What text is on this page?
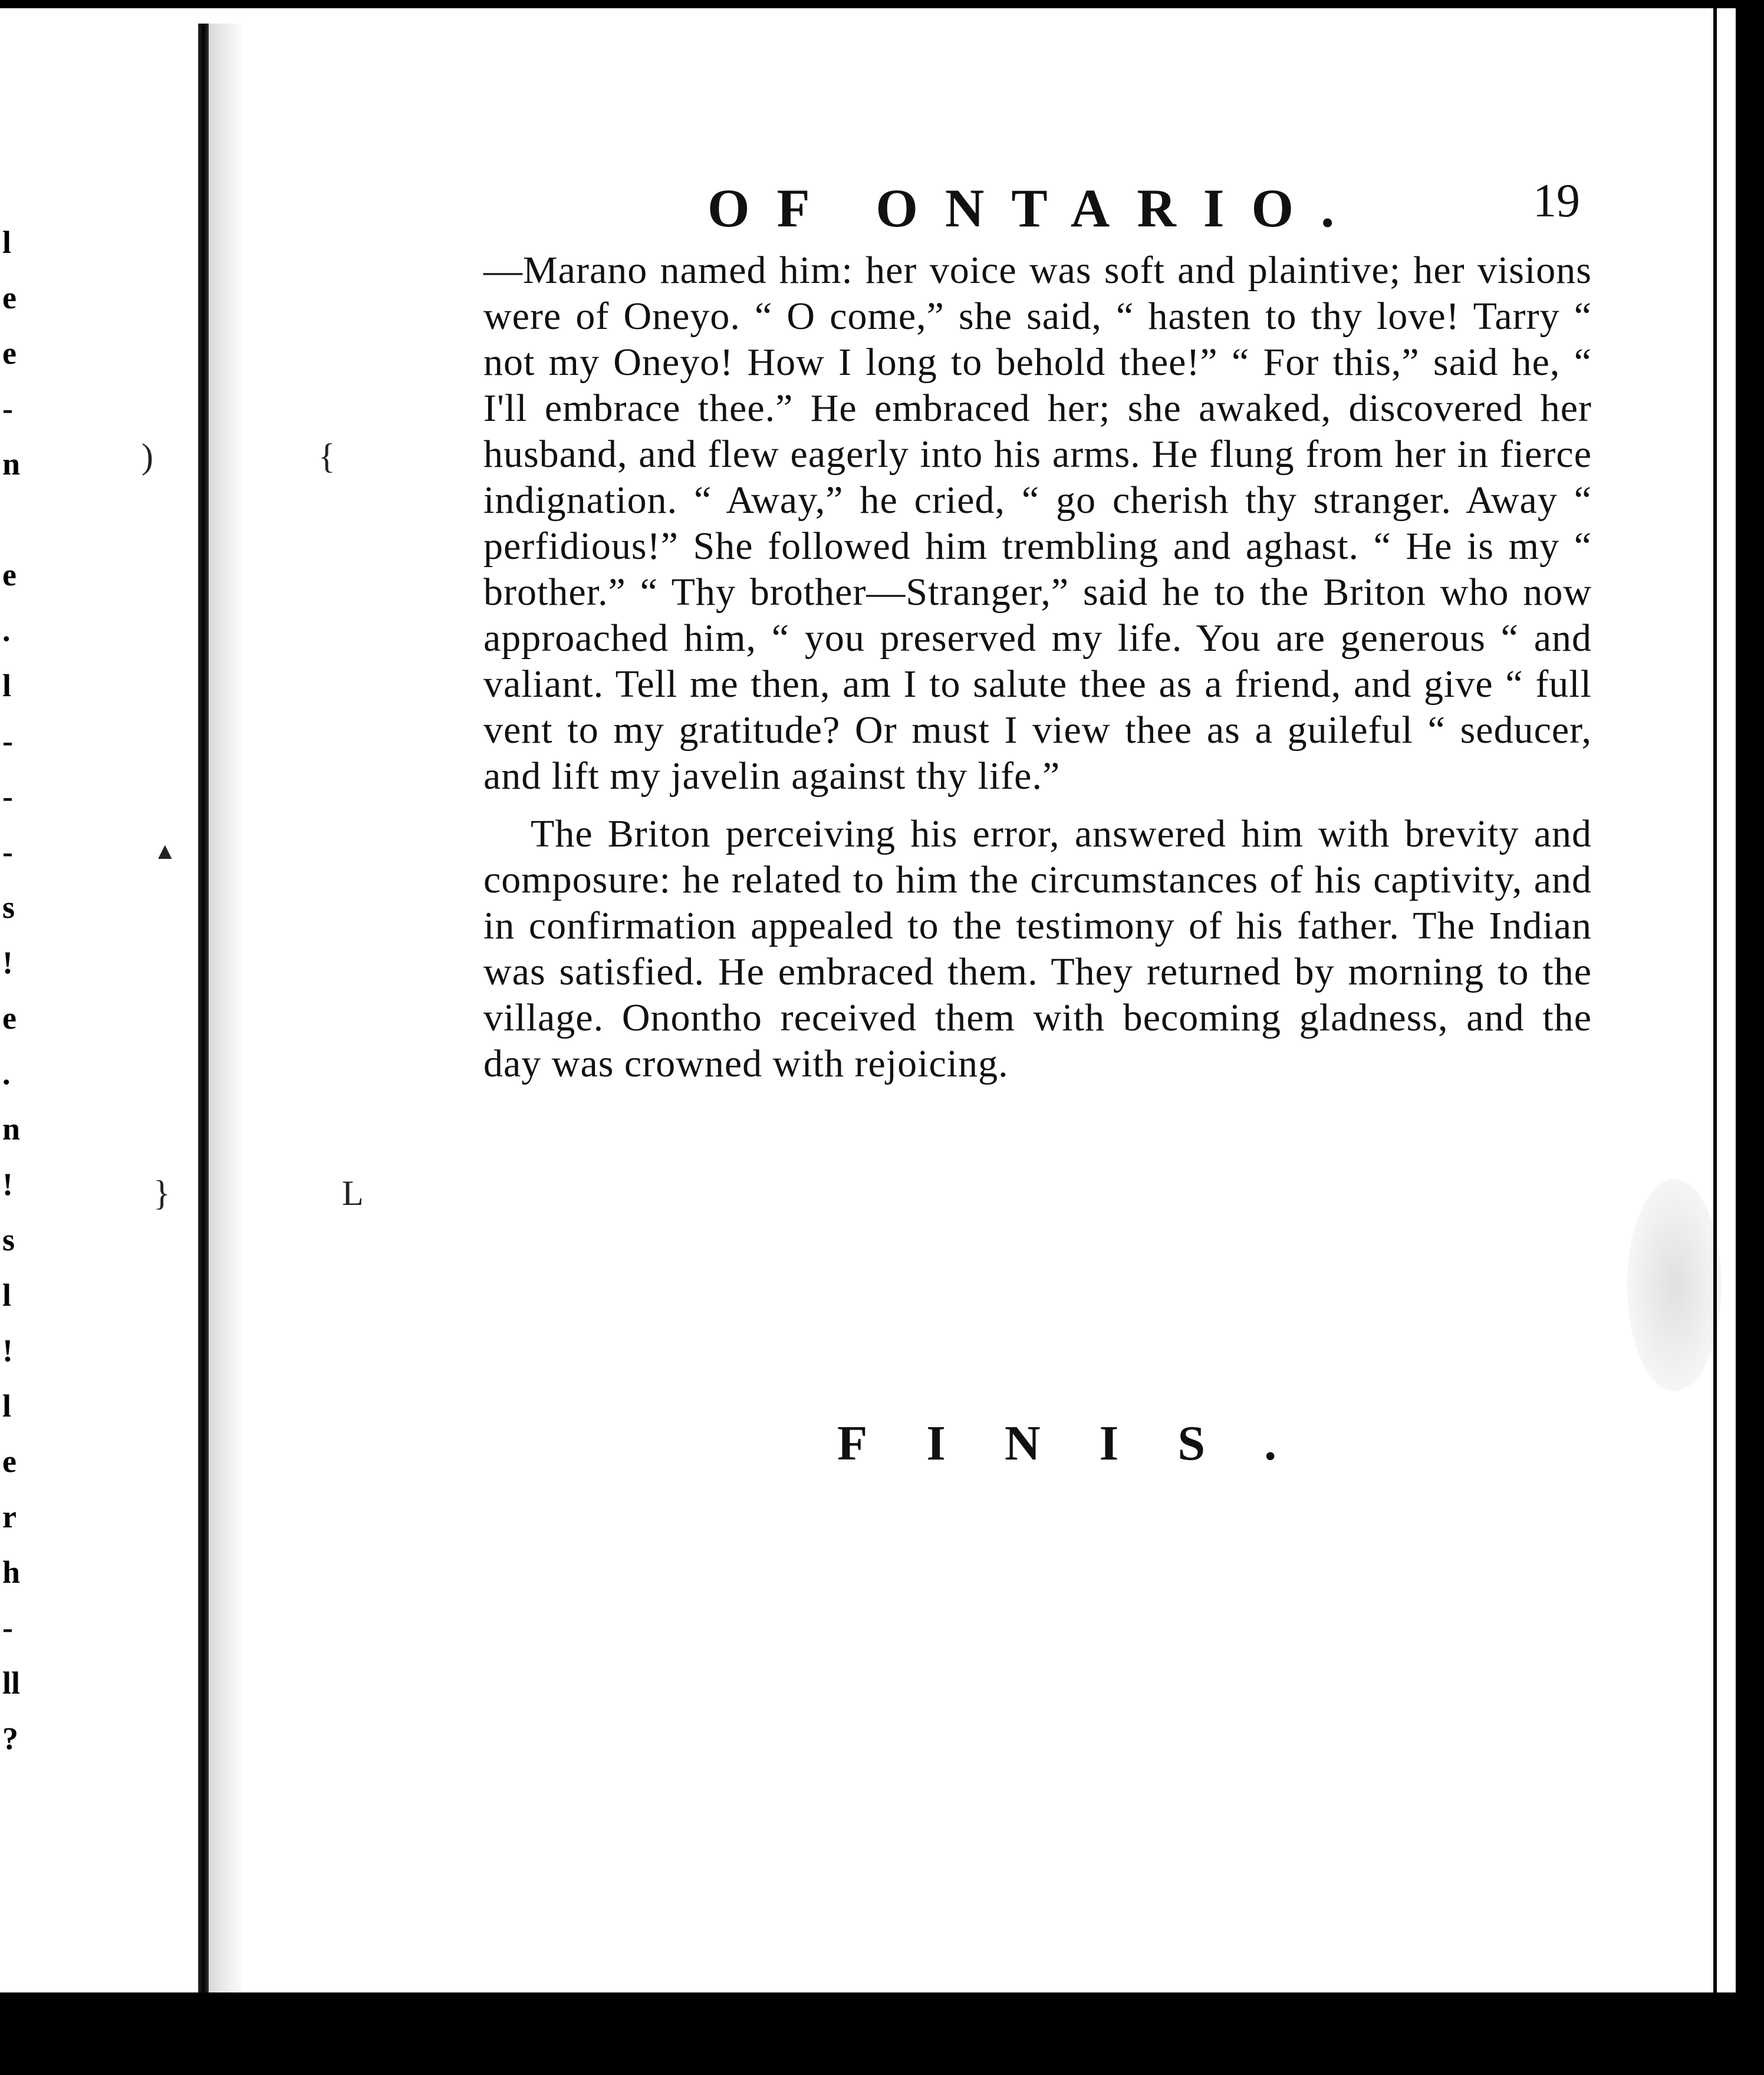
l
e
e
-
n
e
.
l
-
-
-
s
!
e
.
n
!
s
l
!
l
e
r
h
-
ll
?
)	{
▲
}	L
OF ONTARIO.	19

—Marano named him: her voice was soft and plaintive; her visions were of Oneyo. “ O come,” she said, “ hasten to thy love! Tarry “ not my Oneyo! How I long to behold thee!” “ For this,” said he, “ I'll embrace thee.” He embraced her; she awaked, discovered her husband, and flew eagerly into his arms. He flung from her in fierce indignation. “ Away,” he cried, “ go cherish thy stranger. Away “ perfidious!” She followed him trembling and aghast. “ He is my “ brother.” “ Thy brother—Stranger,” said he to the Briton who now approached him, “ you preserved my life. You are generous “ and valiant. Tell me then, am I to salute thee as a friend, and give “ full vent to my gratitude? Or must I view thee as a guileful “ seducer, and lift my javelin against thy life.”

The Briton perceiving his error, answered him with brevity and composure: he related to him the circumstances of his captivity, and in confirmation appealed to the testimony of his father. The Indian was satisfied. He embraced them. They returned by morning to the village. Onontho received them with becoming gladness, and the day was crowned with rejoicing.

FINIS.
